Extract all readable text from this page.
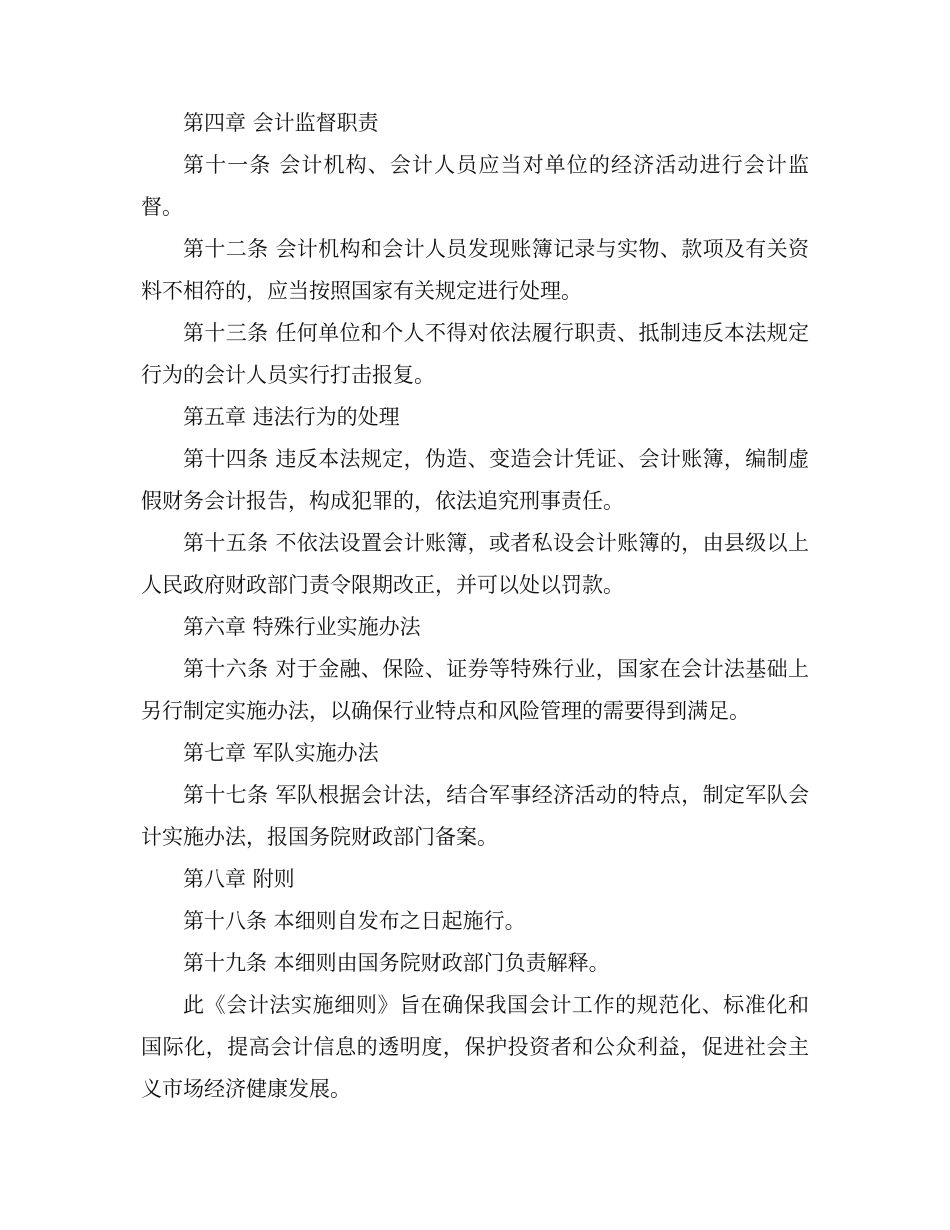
第四章 会计监督职责

第十一条 会计机构、会计人员应当对单位的经济活动进行会计监督。

第十二条 会计机构和会计人员发现账簿记录与实物、款项及有关资料不相符的，应当按照国家有关规定进行处理。

第十三条 任何单位和个人不得对依法履行职责、抵制违反本法规定行为的会计人员实行打击报复。

第五章 违法行为的处理

第十四条 违反本法规定，伪造、变造会计凭证、会计账簿，编制虚假财务会计报告，构成犯罪的，依法追究刑事责任。

第十五条 不依法设置会计账簿，或者私设会计账簿的，由县级以上人民政府财政部门责令限期改正，并可以处以罚款。

第六章 特殊行业实施办法

第十六条 对于金融、保险、证券等特殊行业，国家在会计法基础上另行制定实施办法，以确保行业特点和风险管理的需要得到满足。

第七章 军队实施办法

第十七条 军队根据会计法，结合军事经济活动的特点，制定军队会计实施办法，报国务院财政部门备案。

第八章 附则

第十八条 本细则自发布之日起施行。

第十九条 本细则由国务院财政部门负责解释。

此《会计法实施细则》旨在确保我国会计工作的规范化、标准化和国际化，提高会计信息的透明度，保护投资者和公众利益，促进社会主义市场经济健康发展。
